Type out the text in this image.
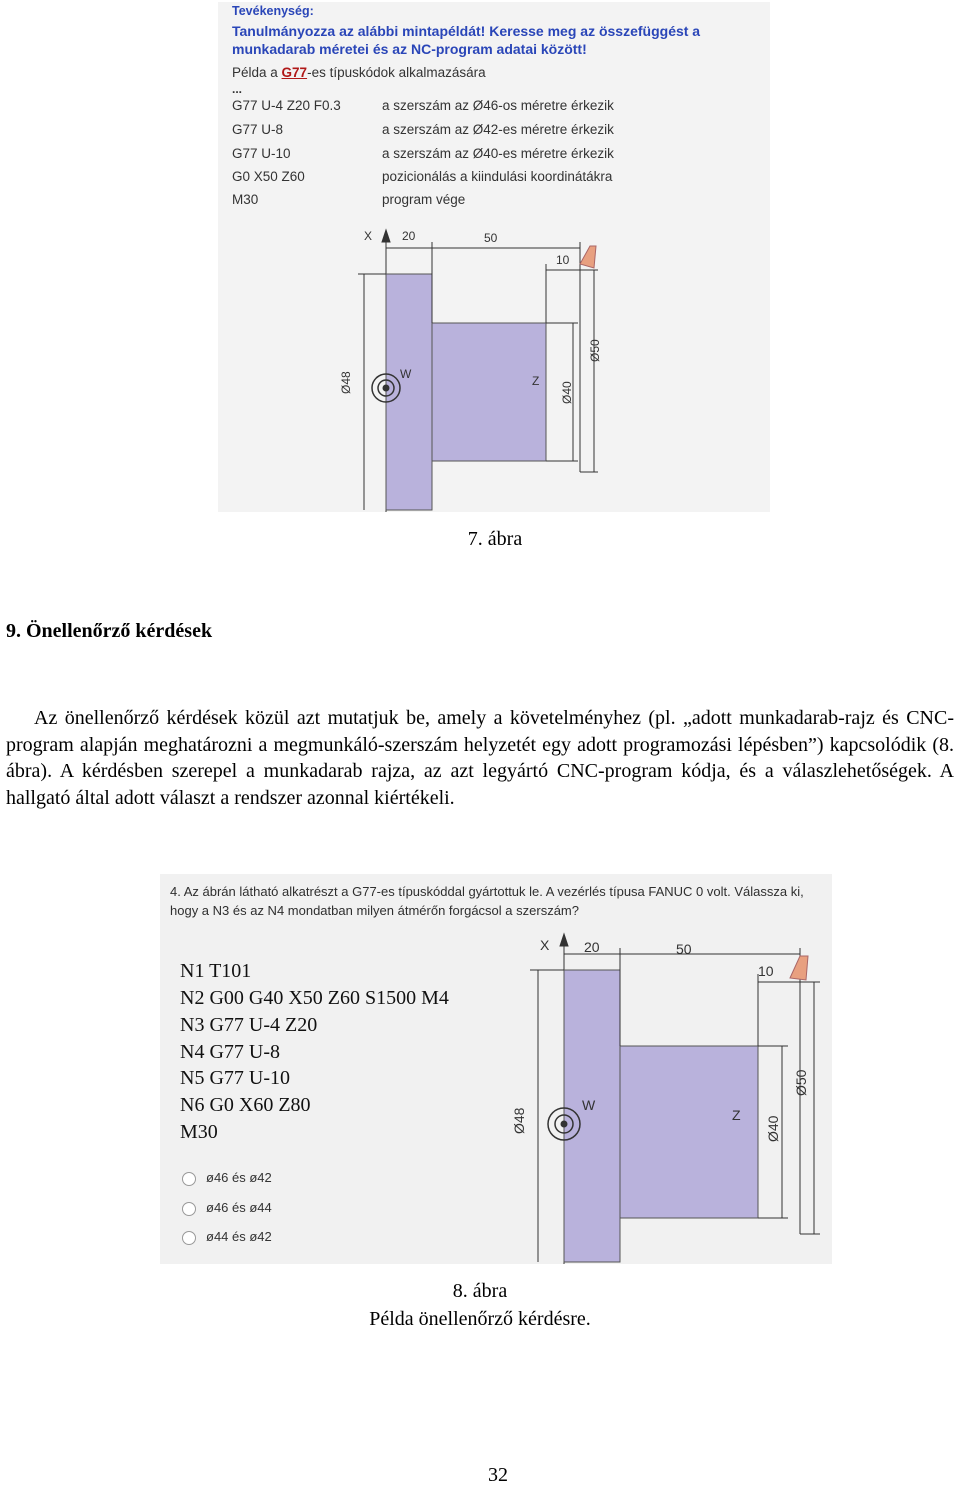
Tevékenység:
Tanulmányozza az alábbi mintapéldát! Keresse meg az összefüggést a munkadarab méretei és az NC-program adatai között!
Példa a G77-es típuskódok alkalmazására
...
G77 U-4 Z20 F0.3	a szerszám az Ø46-os méretre érkezik
G77 U-8	a szerszám az Ø42-es méretre érkezik
G77 U-10	a szerszám az Ø40-es méretre érkezik
G0 X50 Z60	pozicionálás a kiindulási koordinátákra
M30	program vége
X 20	50
10
W	Z
Ø48	Ø40
Ø50
7. ábra
9. Önellenőrző kérdések
Az önellenőrző kérdések közül azt mutatjuk be, amely a követelményhez (pl. „adott munkadarab-rajz és CNC-program alapján meghatározni a megmunkáló-szerszám helyzetét egy adott programozási lépésben”) kapcsolódik (8. ábra). A kérdésben szerepel a munkadarab rajza, az azt legyártó CNC-program kódja, és a válaszlehetőségek. A hallgató által adott választ a rendszer azonnal kiértékeli.
4. Az ábrán látható alkatrészt a G77-es típuskóddal gyártottuk le. A vezérlés típusa FANUC 0 volt. Válassza ki, hogy a N3 és az N4 mondatban milyen átmérőn forgácsol a szerszám?
N1 T101
N2 G00 G40 X50 Z60 S1500 M4
N3 G77 U-4 Z20
N4 G77 U-8
N5 G77 U-10
N6 G0 X60 Z80
M30
ø46 és ø42
ø46 és ø44
ø44 és ø42
X 20	50
10
W
Z
Ø48	Ø40
Ø50
8. ábra
Példa önellenőrző kérdésre.
32
